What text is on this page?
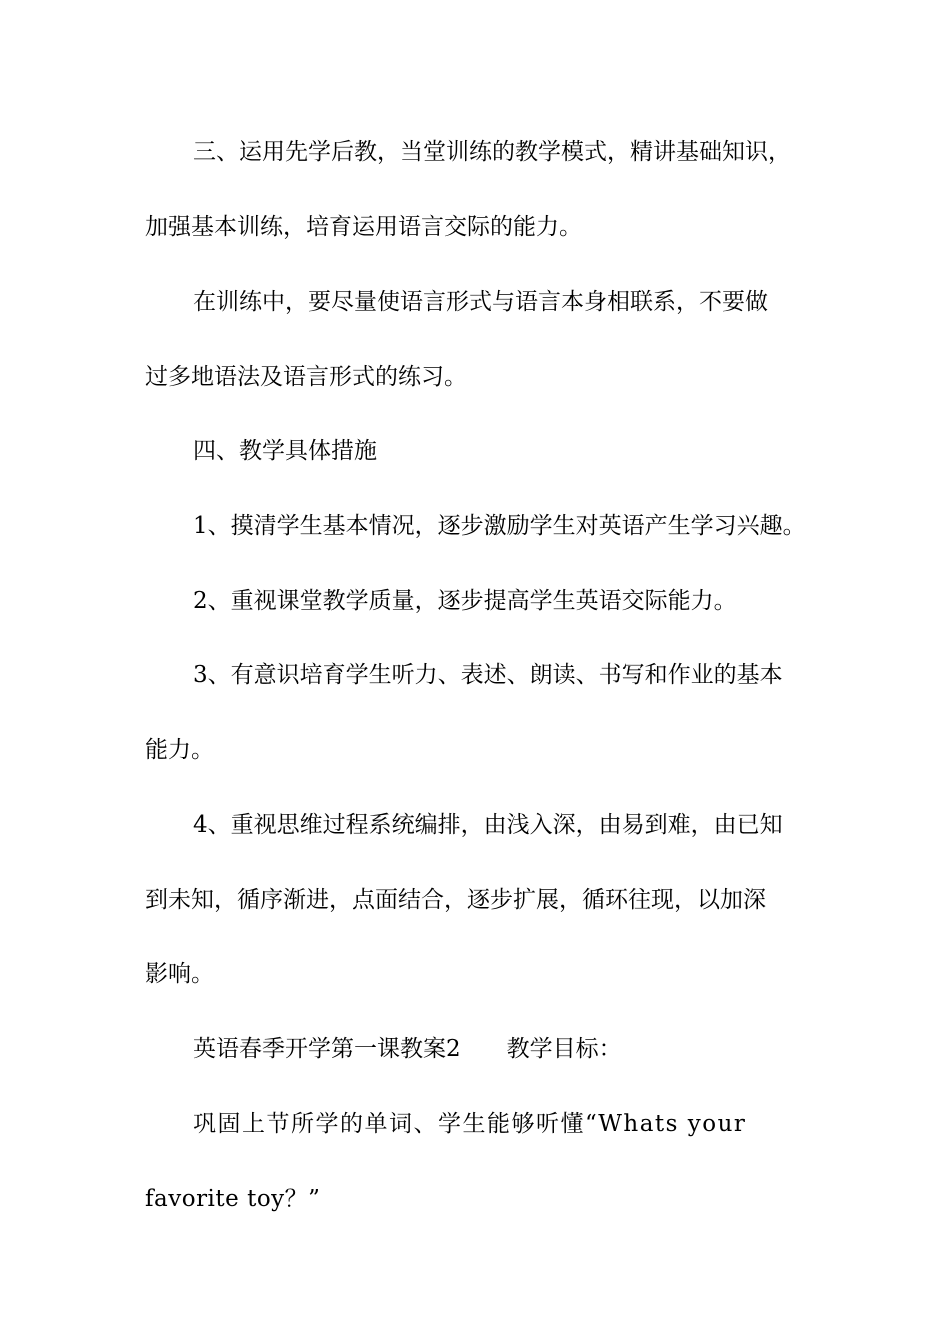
三、运用先学后教，当堂训练的教学模式，精讲基础知识，

加强基本训练，培育运用语言交际的能力。

在训练中，要尽量使语言形式与语言本身相联系，不要做

过多地语法及语言形式的练习。

四、教学具体措施

1、摸清学生基本情况，逐步激励学生对英语产生学习兴趣。

2、重视课堂教学质量，逐步提高学生英语交际能力。

3、有意识培育学生听力、表述、朗读、书写和作业的基本

能力。

4、重视思维过程系统编排，由浅入深，由易到难，由已知

到未知，循序渐进，点面结合，逐步扩展，循环往现，以加深

影响。

英语春季开学第一课教案2　　教学目标：

巩固上节所学的单词、学生能够听懂“Whats your

favorite toy？”
